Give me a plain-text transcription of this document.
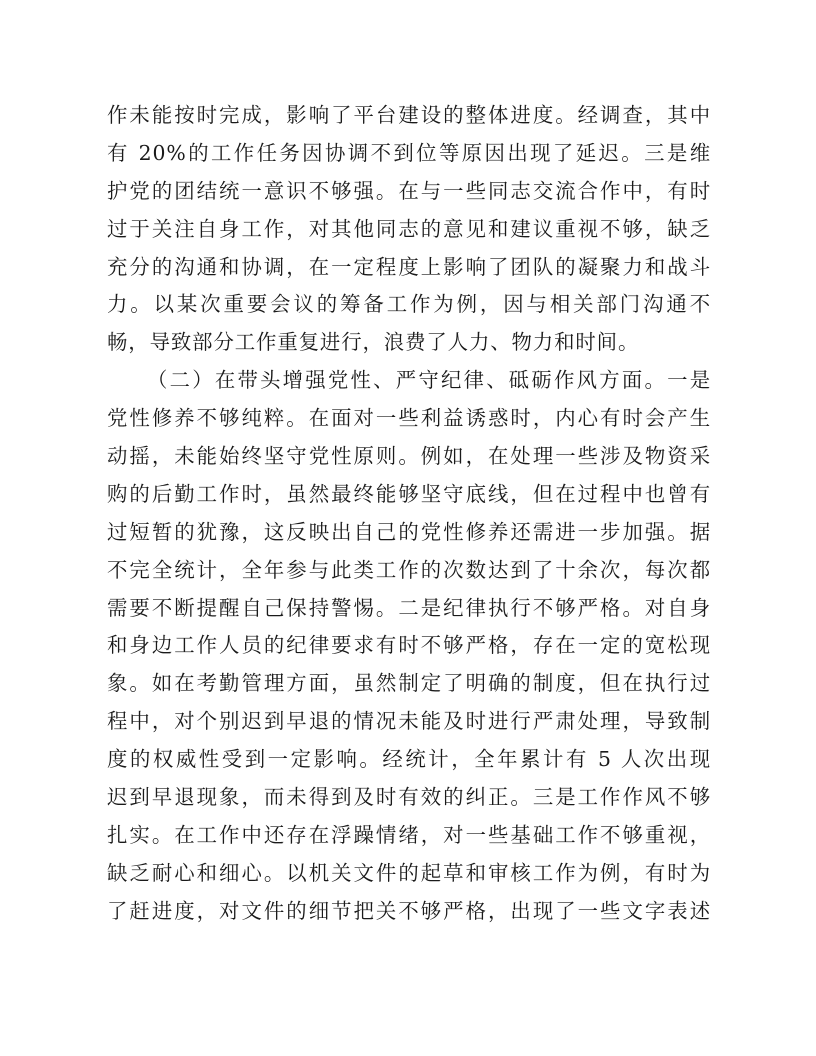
作未能按时完成，影响了平台建设的整体进度。经调查，其中
有 20%的工作任务因协调不到位等原因出现了延迟。三是维
护党的团结统一意识不够强。在与一些同志交流合作中，有时
过于关注自身工作，对其他同志的意见和建议重视不够，缺乏
充分的沟通和协调，在一定程度上影响了团队的凝聚力和战斗
力。以某次重要会议的筹备工作为例，因与相关部门沟通不
畅，导致部分工作重复进行，浪费了人力、物力和时间。
（二）在带头增强党性、严守纪律、砥砺作风方面。一是
党性修养不够纯粹。在面对一些利益诱惑时，内心有时会产生
动摇，未能始终坚守党性原则。例如，在处理一些涉及物资采
购的后勤工作时，虽然最终能够坚守底线，但在过程中也曾有
过短暂的犹豫，这反映出自己的党性修养还需进一步加强。据
不完全统计，全年参与此类工作的次数达到了十余次，每次都
需要不断提醒自己保持警惕。二是纪律执行不够严格。对自身
和身边工作人员的纪律要求有时不够严格，存在一定的宽松现
象。如在考勤管理方面，虽然制定了明确的制度，但在执行过
程中，对个别迟到早退的情况未能及时进行严肃处理，导致制
度的权威性受到一定影响。经统计，全年累计有 5 人次出现
迟到早退现象，而未得到及时有效的纠正。三是工作作风不够
扎实。在工作中还存在浮躁情绪，对一些基础工作不够重视，
缺乏耐心和细心。以机关文件的起草和审核工作为例，有时为
了赶进度，对文件的细节把关不够严格，出现了一些文字表述
